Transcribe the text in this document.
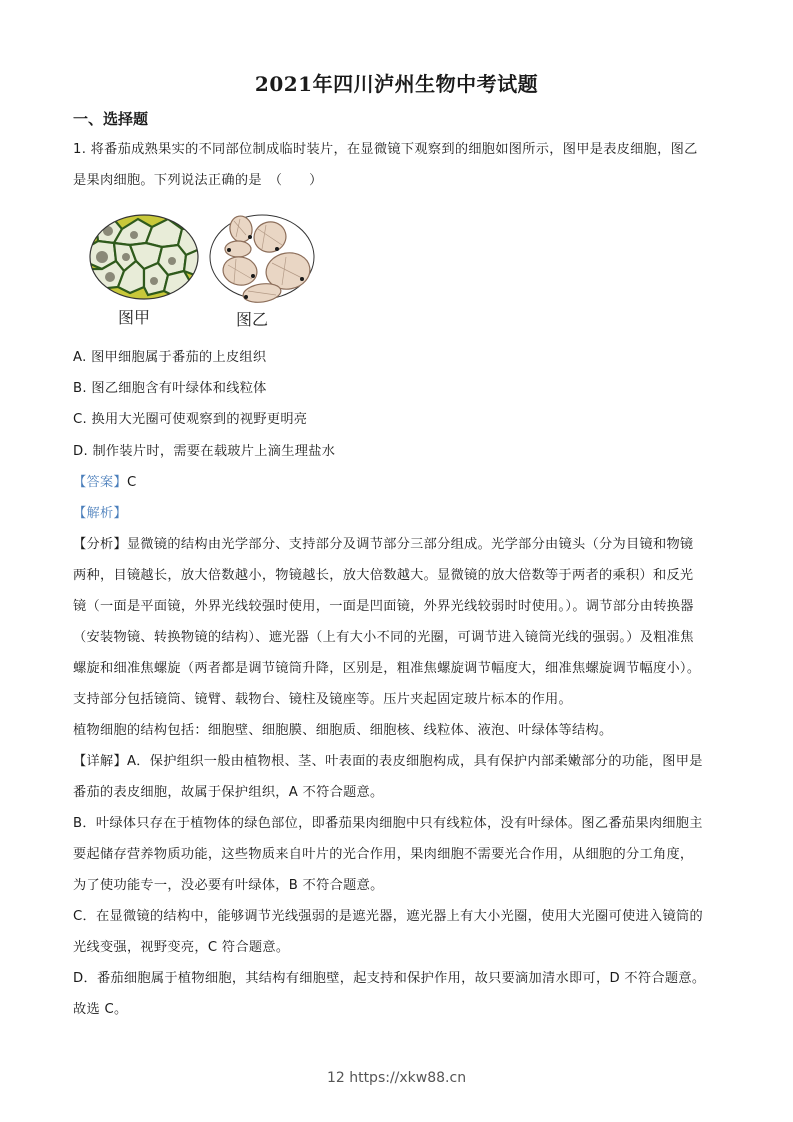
2021年四川泸州生物中考试题
一、选择题
1. 将番茄成熟果实的不同部位制成临时装片，在显微镜下观察到的细胞如图所示，图甲是表皮细胞，图乙
是果肉细胞。下列说法正确的是　（　　）
图甲	图乙
A. 图甲细胞属于番茄的上皮组织
B. 图乙细胞含有叶绿体和线粒体
C. 换用大光圈可使观察到的视野更明亮
D. 制作装片时，需要在载玻片上滴生理盐水
【答案】C
【解析】
【分析】显微镜的结构由光学部分、支持部分及调节部分三部分组成。光学部分由镜头（分为目镜和物镜
两种，目镜越长，放大倍数越小，物镜越长，放大倍数越大。显微镜的放大倍数等于两者的乘积）和反光
镜（一面是平面镜，外界光线较强时使用，一面是凹面镜，外界光线较弱时时使用。）。调节部分由转换器
（安装物镜、转换物镜的结构）、遮光器（上有大小不同的光圈，可调节进入镜筒光线的强弱。）及粗准焦
螺旋和细准焦螺旋（两者都是调节镜筒升降，区别是，粗准焦螺旋调节幅度大，细准焦螺旋调节幅度小）。
支持部分包括镜筒、镜臂、载物台、镜柱及镜座等。压片夹起固定玻片标本的作用。
植物细胞的结构包括：细胞壁、细胞膜、细胞质、细胞核、线粒体、液泡、叶绿体等结构。
【详解】A．保护组织一般由植物根、茎、叶表面的表皮细胞构成，具有保护内部柔嫩部分的功能，图甲是
番茄的表皮细胞，故属于保护组织，A 不符合题意。
B．叶绿体只存在于植物体的绿色部位，即番茄果肉细胞中只有线粒体，没有叶绿体。图乙番茄果肉细胞主
要起储存营养物质功能，这些物质来自叶片的光合作用，果肉细胞不需要光合作用，从细胞的分工角度，
为了使功能专一，没必要有叶绿体，B 不符合题意。
C．在显微镜的结构中，能够调节光线强弱的是遮光器，遮光器上有大小光圈，使用大光圈可使进入镜筒的
光线变强，视野变亮，C 符合题意。
D．番茄细胞属于植物细胞，其结构有细胞壁，起支持和保护作用，故只要滴加清水即可，D 不符合题意。
故选 C。
12 https://xkw88.cn
